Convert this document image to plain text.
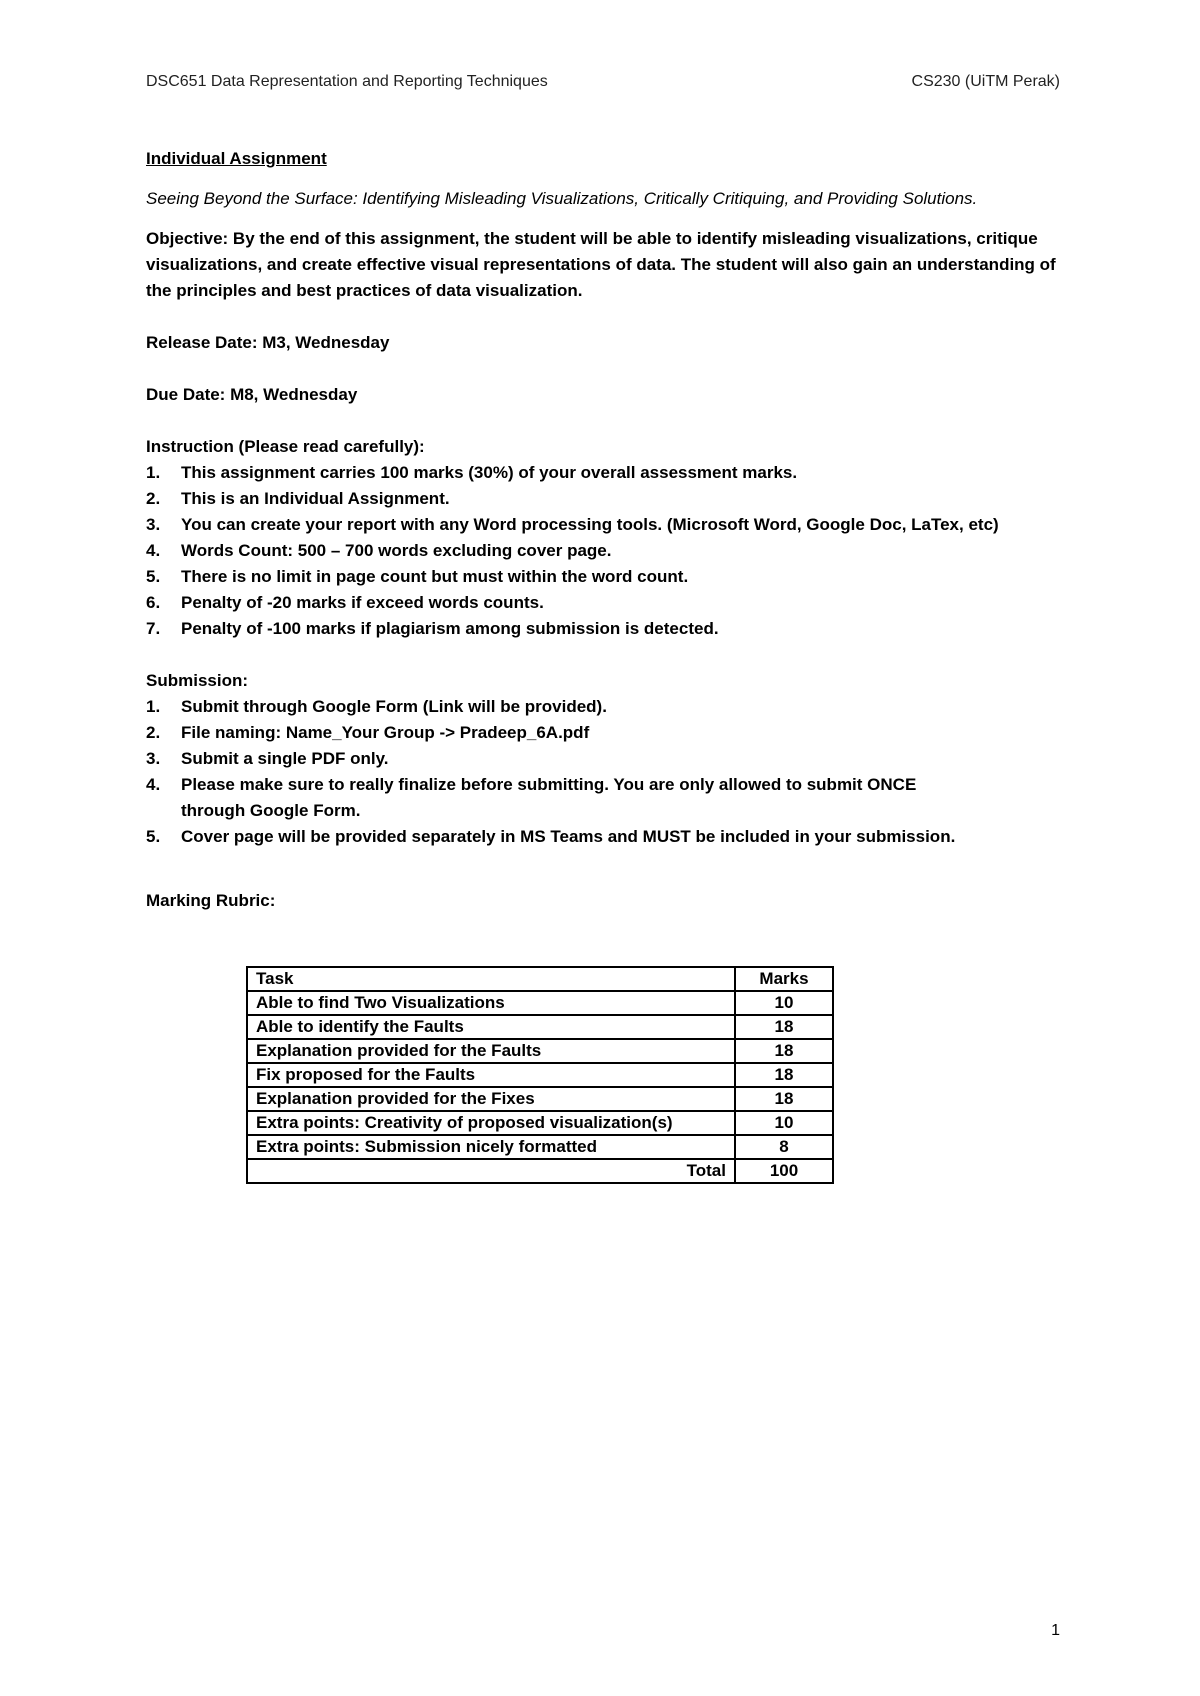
DSC651 Data Representation and Reporting Techniques	CS230 (UiTM Perak)

Individual Assignment

Seeing Beyond the Surface: Identifying Misleading Visualizations, Critically Critiquing, and Providing Solutions.

Objective: By the end of this assignment, the student will be able to identify misleading visualizations, critique visualizations, and create effective visual representations of data. The student will also gain an understanding of the principles and best practices of data visualization.

Release Date: M3, Wednesday

Due Date: M8, Wednesday

Instruction (Please read carefully):

1. This assignment carries 100 marks (30%) of your overall assessment marks.
2. This is an Individual Assignment.
3. You can create your report with any Word processing tools. (Microsoft Word, Google Doc, LaTex, etc)
4. Words Count: 500 – 700 words excluding cover page.
5. There is no limit in page count but must within the word count.
6. Penalty of -20 marks if exceed words counts.
7. Penalty of -100 marks if plagiarism among submission is detected.

Submission:

1. Submit through Google Form (Link will be provided).
2. File naming: Name_Your Group -> Pradeep_6A.pdf
3. Submit a single PDF only.
4. Please make sure to really finalize before submitting. You are only allowed to submit ONCE through Google Form.
5. Cover page will be provided separately in MS Teams and MUST be included in your submission.

Marking Rubric:

Task	Marks
Able to find Two Visualizations	10
Able to identify the Faults	18
Explanation provided for the Faults	18
Fix proposed for the Faults	18
Explanation provided for the Fixes	18
Extra points: Creativity of proposed visualization(s)	10
Extra points: Submission nicely formatted	8
Total	100
1
